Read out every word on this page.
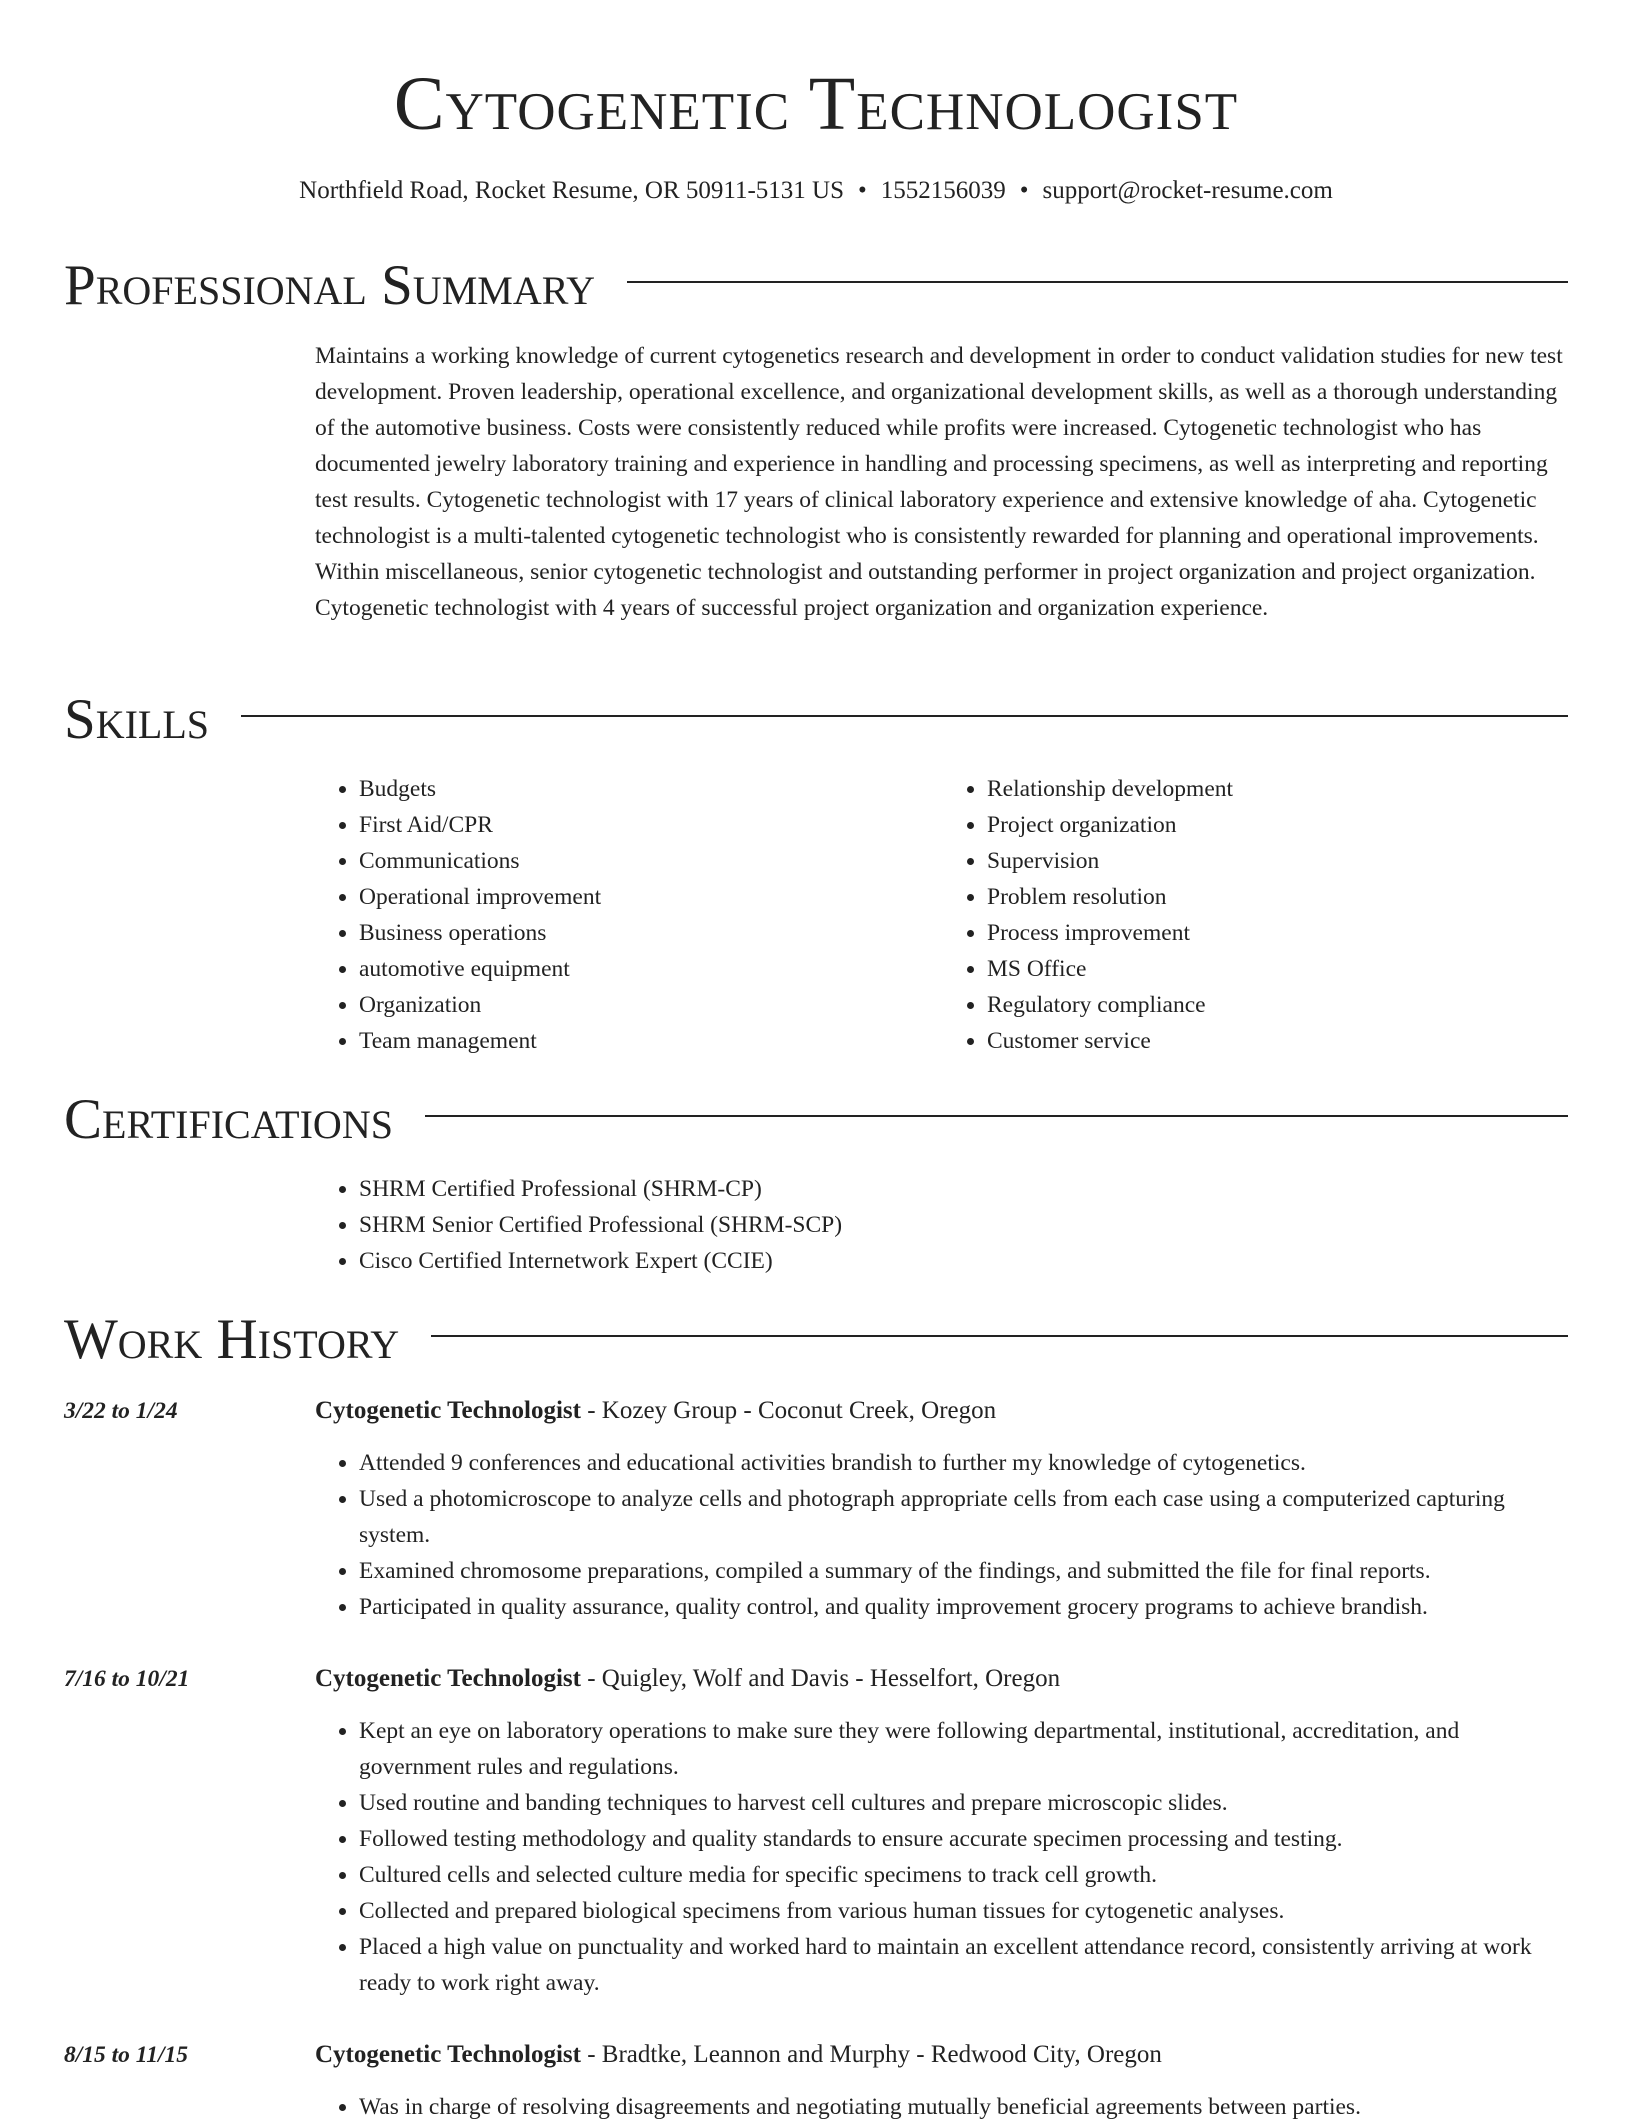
Cytogenetic Technologist
Northfield Road, Rocket Resume, OR 50911-5131 US • 1552156039 • support@rocket-resume.com
Professional Summary

Maintains a working knowledge of current cytogenetics research and development in order to conduct validation studies for new test development. Proven leadership, operational excellence, and organizational development skills, as well as a thorough understanding of the automotive business. Costs were consistently reduced while profits were increased. Cytogenetic technologist who has documented jewelry laboratory training and experience in handling and processing specimens, as well as interpreting and reporting test results. Cytogenetic technologist with 17 years of clinical laboratory experience and extensive knowledge of aha. Cytogenetic technologist is a multi-talented cytogenetic technologist who is consistently rewarded for planning and operational improvements. Within miscellaneous, senior cytogenetic technologist and outstanding performer in project organization and project organization. Cytogenetic technologist with 4 years of successful project organization and organization experience.

Skills
• Budgets
• First Aid/CPR
• Communications
• Operational improvement
• Business operations
• automotive equipment
• Organization
• Team management
• Relationship development
• Project organization
• Supervision
• Problem resolution
• Process improvement
• MS Office
• Regulatory compliance
• Customer service
Certifications
• SHRM Certified Professional (SHRM-CP)
• SHRM Senior Certified Professional (SHRM-SCP)
• Cisco Certified Internetwork Expert (CCIE)
Work History
3/22 to 1/24	Cytogenetic Technologist - Kozey Group - Coconut Creek, Oregon
• Attended 9 conferences and educational activities brandish to further my knowledge of cytogenetics.
• Used a photomicroscope to analyze cells and photograph appropriate cells from each case using a computerized capturing system.
• Examined chromosome preparations, compiled a summary of the findings, and submitted the file for final reports.
• Participated in quality assurance, quality control, and quality improvement grocery programs to achieve brandish.
7/16 to 10/21	Cytogenetic Technologist - Quigley, Wolf and Davis - Hesselfort, Oregon
• Kept an eye on laboratory operations to make sure they were following departmental, institutional, accreditation, and government rules and regulations.
• Used routine and banding techniques to harvest cell cultures and prepare microscopic slides.
• Followed testing methodology and quality standards to ensure accurate specimen processing and testing.
• Cultured cells and selected culture media for specific specimens to track cell growth.
• Collected and prepared biological specimens from various human tissues for cytogenetic analyses.
• Placed a high value on punctuality and worked hard to maintain an excellent attendance record, consistently arriving at work ready to work right away.
8/15 to 11/15	Cytogenetic Technologist - Bradtke, Leannon and Murphy - Redwood City, Oregon
• Was in charge of resolving disagreements and negotiating mutually beneficial agreements between parties.
